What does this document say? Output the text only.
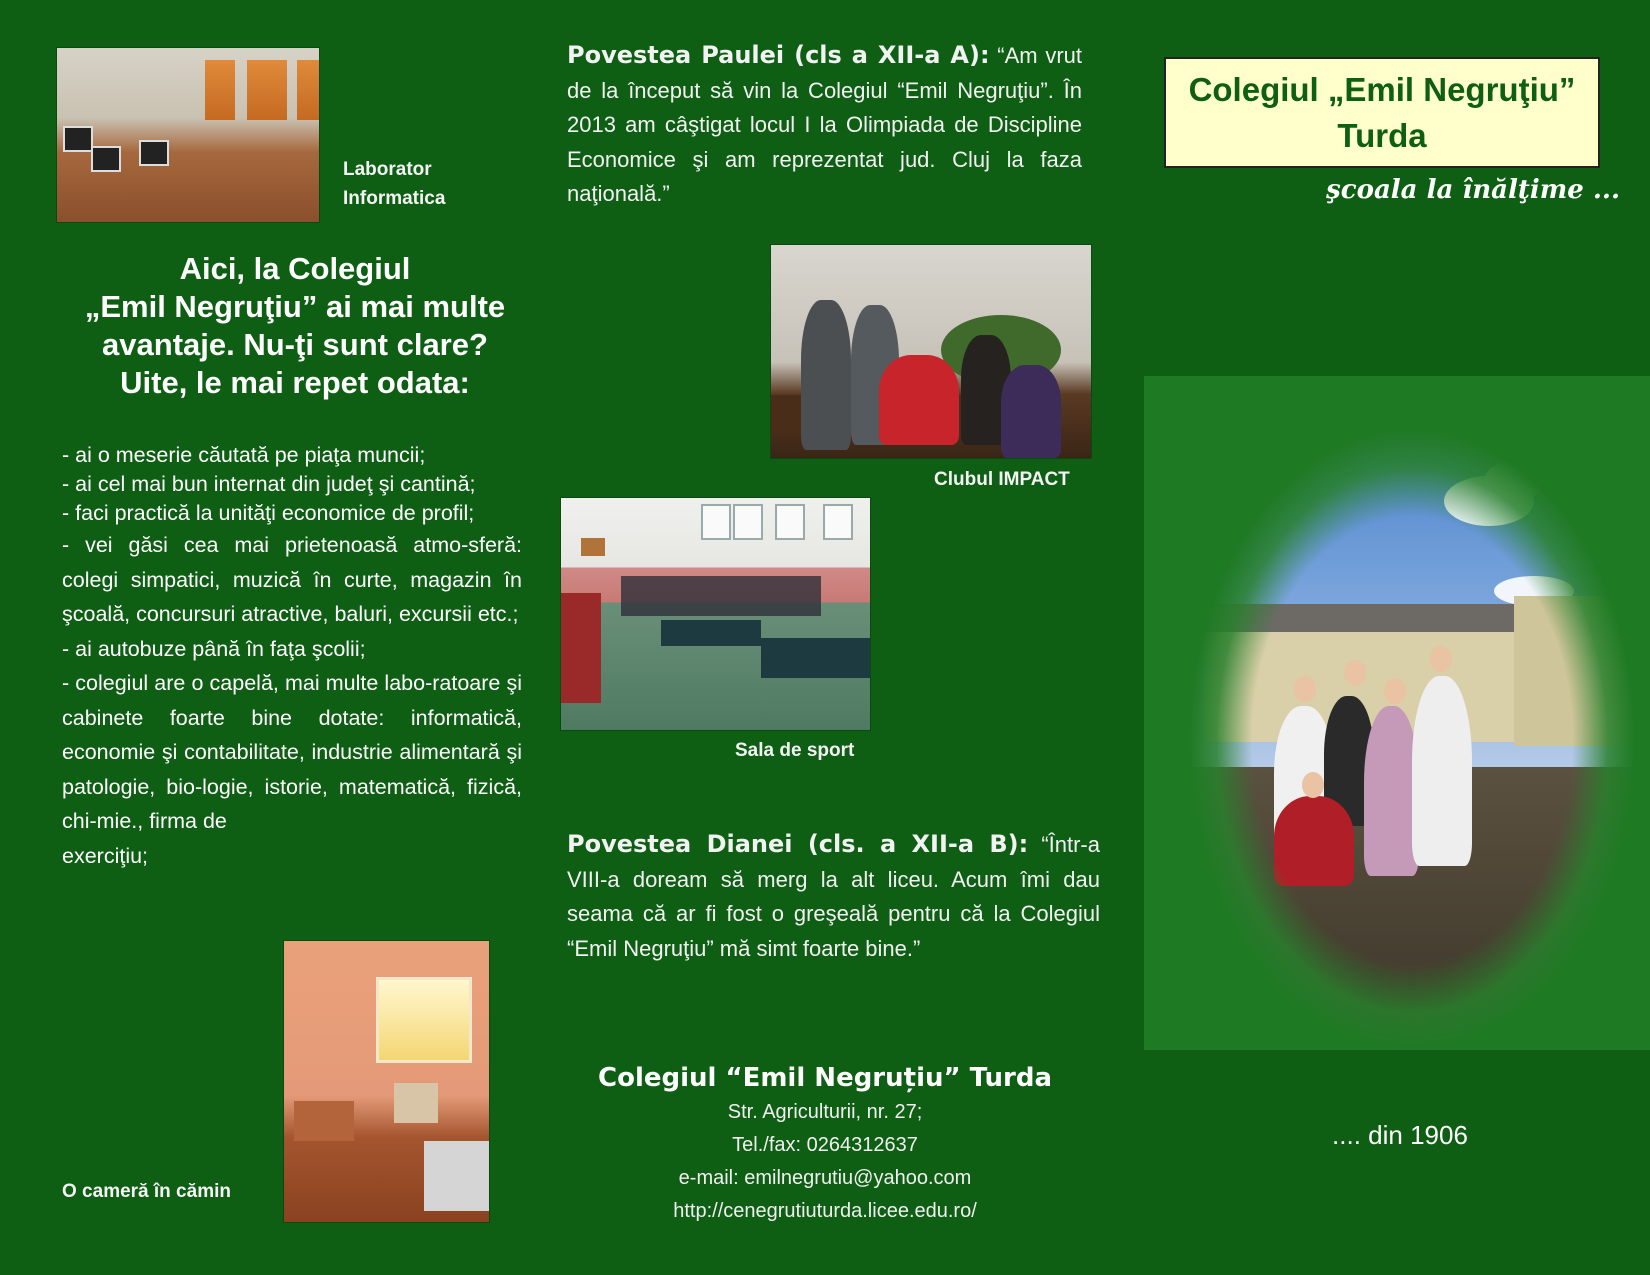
Laborator
Informatica
Aici, la Colegiul
„Emil Negruţiu” ai mai multe
avantaje. Nu-ţi sunt clare?
Uite, le mai repet odata:
- ai o meserie căutată pe piaţa muncii;
- ai cel mai bun internat din judeţ şi cantină;
- faci practică la unităţi economice de profil;
- vei găsi cea mai prietenoasă atmo-sferă: colegi simpatici, muzică în curte, magazin în şcoală, concursuri atractive, baluri, excursii etc.;
- ai autobuze până în faţa şcolii;
- colegiul are o capelă, mai multe labo-ratoare şi cabinete foarte bine dotate: informatică, economie şi contabilitate, industrie alimentară şi patologie, bio-logie, istorie, matematică, fizică, chi-mie., firma de
exerciţiu;
O cameră în cămin
Povestea Paulei (cls a XII-a A): “Am vrut de la început să vin la Colegiul “Emil Negruţiu”. În 2013 am câştigat locul I la Olimpiada de Discipline Economice şi am reprezentat jud. Cluj la faza naţională.”
Clubul IMPACT
Sala de sport
Povestea Dianei (cls. a XII-a B): “Într-a VIII-a doream să merg la alt liceu. Acum îmi dau seama că ar fi fost o greşeală pentru că la Colegiul “Emil Negruţiu” mă simt foarte bine.”
Colegiul “Emil Negruțiu” Turda
Str. Agriculturii, nr. 27;
Tel./fax: 0264312637
e-mail: emilnegrutiu@yahoo.com
http://cenegrutiuturda.licee.edu.ro/
Colegiul „Emil Negruţiu”
Turda
şcoala la înălţime ...
.... din 1906
